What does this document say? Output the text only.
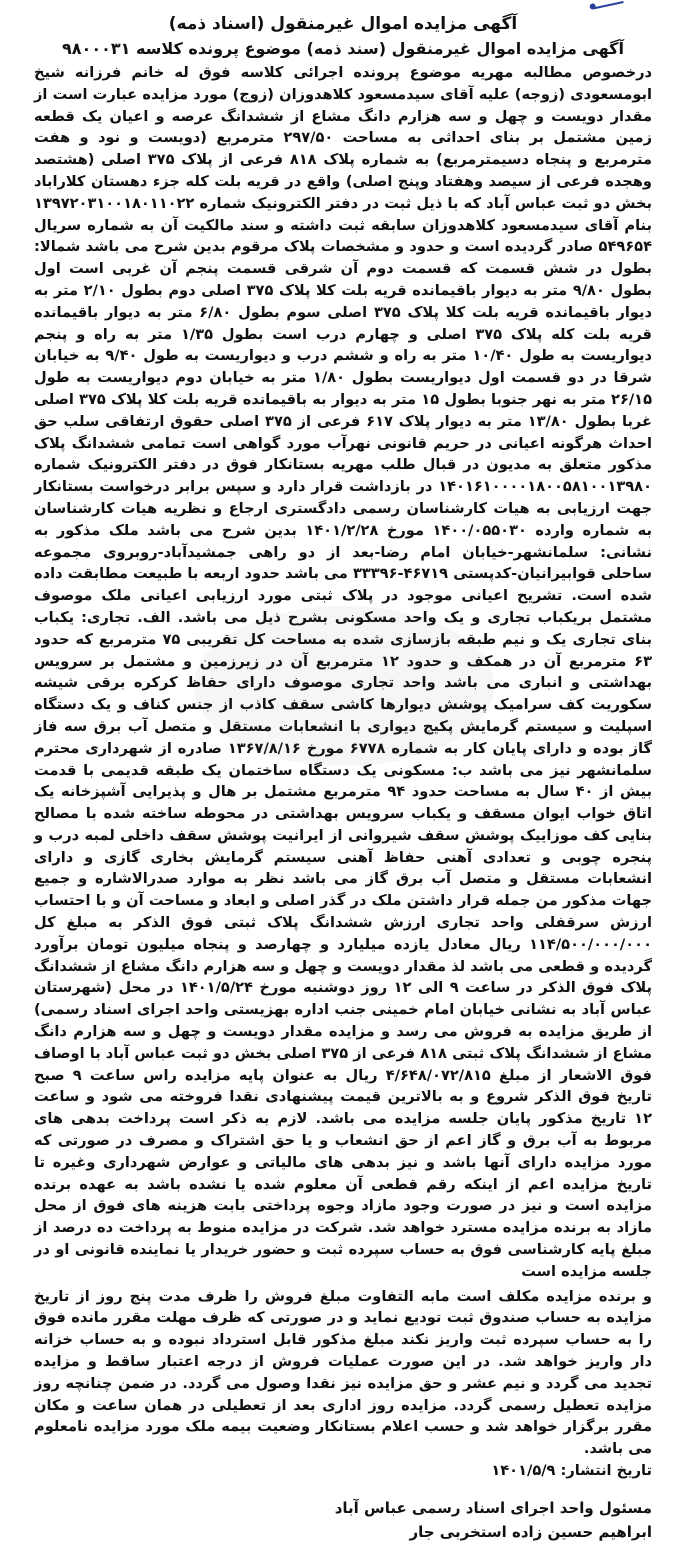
آگهی مزایده اموال غیرمنقول (اسناد ذمه)
آگهی مزایده اموال غیرمنقول (سند ذمه) موضوع پرونده کلاسه ۹۸۰۰۰۳۱

درخصوص مطالبه مهریه موضوع پرونده اجرائی کلاسه فوق له خانم فرزانه شیخ ابومسعودی (زوجه) علیه آقای سیدمسعود کلاهدوزان (زوج) مورد مزایده عبارت است از مقدار دویست و چهل و سه هزارم دانگ مشاع از ششدانگ عرصه و اعیان یک قطعه زمین مشتمل بر بنای احداثی به مساحت ۲۹۷/۵۰ مترمربع (دویست و نود و هفت مترمربع و پنجاه دسیمترمربع) به شماره پلاک ۸۱۸ فرعی از پلاک ۳۷۵ اصلی (هشتصد وهجده فرعی از سیصد وهفتاد وپنج اصلی) واقع در قریه بلت کله جزء دهستان کلاراباد بخش دو ثبت عباس آباد که با ذیل ثبت در دفتر الکترونیک شماره ۱۳۹۷۲۰۳۱۰۰۱۸۰۱۱۰۲۲ بنام آقای سیدمسعود کلاهدوزان سابقه ثبت داشته و سند مالکیت آن به شماره سریال ۵۴۹۶۵۴ صادر گردیده است و حدود و مشخصات پلاک مرقوم بدین شرح می باشد شمالا: بطول در شش قسمت که قسمت دوم آن شرقی قسمت پنجم آن غربی است اول بطول ۹/۸۰ متر به دیوار باقیمانده قریه بلت کلا پلاک ۳۷۵ اصلی دوم بطول ۲/۱۰ متر به دیوار باقیمانده قریه بلت کلا پلاک ۳۷۵ اصلی سوم بطول ۶/۸۰ متر به دیوار باقیمانده قریه بلت کله پلاک ۳۷۵ اصلی و چهارم درب است بطول ۱/۳۵ متر به راه و پنجم دیواریست به طول ۱۰/۴۰ متر به راه و ششم درب و دیواریست به طول ۹/۴۰ به خیابان شرقا در دو قسمت اول دیواریست بطول ۱/۸۰ متر به خیابان دوم دیواریست به طول ۲۶/۱۵ متر به نهر جنوبا بطول ۱۵ متر به دیوار به باقیمانده قریه بلت کلا پلاک ۳۷۵ اصلی غربا بطول ۱۳/۸۰ متر به دیوار پلاک ۶۱۷ فرعی از ۳۷۵ اصلی حقوق ارتفاقی سلب حق احداث هرگونه اعیانی در حریم قانونی نهرآب مورد گواهی است تمامی ششدانگ پلاک مذکور متعلق به مدیون در قبال طلب مهریه بستانکار فوق در دفتر الکترونیک شماره ۱۴۰۱۶۱۰۰۰۰۱۸۰۰۵۸۱۰۰۱۳۹۸۰ در بازداشت قرار دارد و سپس برابر درخواست بستانکار جهت ارزیابی به هیات کارشناسان رسمی دادگستری ارجاع و نظریه هیات کارشناسان به شماره وارده ۱۴۰۰/۰۵۵۰۳۰ مورخ ۱۴۰۱/۲/۲۸ بدین شرح می باشد ملک مذکور به نشانی: سلمانشهر-خیابان امام رضا-بعد از دو راهی جمشیدآباد-روبروی مجموعه ساحلی قوابیرانیان-کدپستی ۴۶۷۱۹-۳۳۳۹۶ می باشد حدود اربعه با طبیعت مطابقت داده شده است. تشریح اعیانی موجود در پلاک ثبتی مورد ارزیابی اعیانی ملک موصوف مشتمل بریکباب تجاری و یک واحد مسکونی بشرح ذیل می باشد. الف. تجاری: یکباب بنای تجاری یک و نیم طبقه بازسازی شده به مساحت کل تقریبی ۷۵ مترمربع که حدود ۶۳ مترمربع آن در همکف و حدود ۱۲ مترمربع آن در زیرزمین و مشتمل بر سرویس بهداشتی و انباری می باشد واحد تجاری موصوف دارای حفاظ کرکره برقی شیشه سکوریت کف سرامیک پوشش دیوارها کاشی سقف کاذب از جنس کناف و یک دستگاه اسپلیت و سیستم گرمایش پکیج دیواری با انشعابات مستقل و متصل آب برق سه فاز گاز بوده و دارای پایان کار به شماره ۶۷۷۸ مورخ ۱۳۶۷/۸/۱۶ صادره از شهرداری محترم سلمانشهر نیز می باشد ب: مسکونی یک دستگاه ساختمان یک طبقه قدیمی با قدمت بیش از ۴۰ سال به مساحت حدود ۹۴ مترمربع مشتمل بر هال و پذیرایی آشپزخانه یک اتاق خواب ایوان مسقف و یکباب سرویس بهداشتی در محوطه ساخته شده با مصالح بنایی کف موزاییک پوشش سقف شیروانی از ایرانیت پوشش سقف داخلی لمبه درب و پنجره چوبی و تعدادی آهنی حفاظ آهنی سیستم گرمایش بخاری گازی و دارای انشعابات مستقل و متصل آب برق گاز می باشد نظر به موارد صدرالاشاره و جمیع جهات مذکور من جمله قرار داشتن ملک در گذر اصلی و ابعاد و مساحت آن و با احتساب ارزش سرقفلی واحد تجاری ارزش ششدانگ پلاک ثبتی فوق الذکر به مبلغ کل ۱۱۴/۵۰۰/۰۰۰/۰۰۰ ریال معادل یازده میلیارد و چهارصد و پنجاه میلیون تومان برآورد گردیده و قطعی می باشد لذ مقدار دویست و چهل و سه هزارم دانگ مشاع از ششدانگ پلاک فوق الذکر در ساعت ۹ الی ۱۲ روز دوشنبه مورخ ۱۴۰۱/۵/۲۴ در محل (شهرستان عباس آباد به نشانی خیابان امام خمینی جنب اداره بهزیستی واحد اجرای اسناد رسمی) از طریق مزایده به فروش می رسد و مزایده مقدار دویست و چهل و سه هزارم دانگ مشاع از ششدانگ پلاک ثبتی ۸۱۸ فرعی از ۳۷۵ اصلی بخش دو ثبت عباس آباد با اوصاف فوق الاشعار از مبلغ ۴/۶۴۸/۰۷۲/۸۱۵ ریال به عنوان پایه مزایده راس ساعت ۹ صبح تاریخ فوق الذکر شروع و به بالاترین قیمت پیشنهادی نقدا فروخته می شود و ساعت ۱۲ تاریخ مذکور پایان جلسه مزایده می باشد. لازم به ذکر است پرداخت بدهی های مربوط به آب برق و گاز اعم از حق انشعاب و یا حق اشتراک و مصرف در صورتی که مورد مزایده دارای آنها باشد و نیز بدهی های مالیاتی و عوارض شهرداری وغیره تا تاریخ مزایده اعم از اینکه رقم قطعی آن معلوم شده یا نشده باشد به عهده برنده مزایده است و نیز در صورت وجود مازاد وجوه پرداختی بابت هزینه های فوق از محل مازاد به برنده مزایده مسترد خواهد شد. شرکت در مزایده منوط به پرداخت ده درصد از مبلغ پایه کارشناسی فوق به حساب سپرده ثبت و حضور خریدار یا نماینده قانونی او در جلسه مزایده است

و برنده مزایده مکلف است مابه التفاوت مبلغ فروش را ظرف مدت پنج روز از تاریخ مزایده به حساب صندوق ثبت تودیع نماید و در صورتی که ظرف مهلت مقرر مانده فوق را به حساب سپرده ثبت واریز نکند مبلغ مذکور قابل استرداد نبوده و به حساب خزانه دار واریز خواهد شد. در این صورت عملیات فروش از درجه اعتبار ساقط و مزایده تجدید می گردد و نیم عشر و حق مزایده نیز نقدا وصول می گردد. در ضمن چنانچه روز مزایده تعطیل رسمی گردد. مزایده روز اداری بعد از تعطیلی در همان ساعت و مکان مقرر برگزار خواهد شد و حسب اعلام بستانکار وضعیت بیمه ملک مورد مزایده نامعلوم می باشد.

تاریخ انتشار: ۱۴۰۱/۵/۹

مسئول واحد اجرای اسناد رسمی عباس آباد

ابراهیم حسین زاده استخربی جار
